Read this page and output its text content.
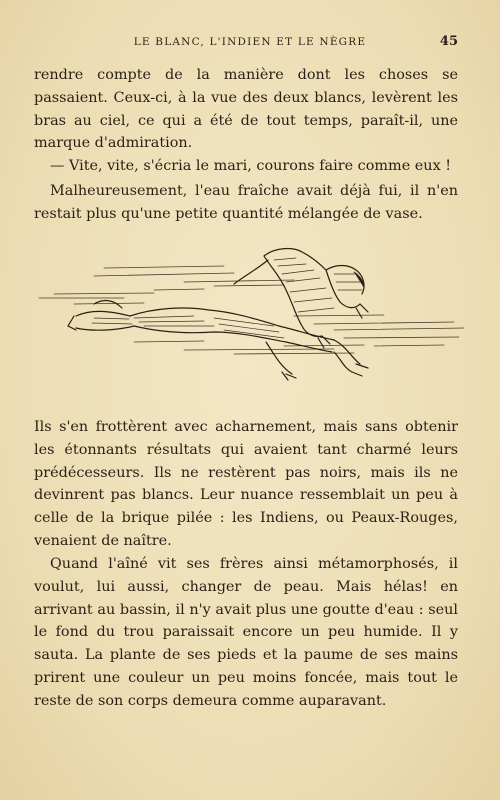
LE BLANC, L'INDIEN ET LE NÈGRE	45

rendre compte de la manière dont les choses se passaient. Ceux-ci, à la vue des deux blancs, levèrent les bras au ciel, ce qui a été de tout temps, paraît-il, une marque d'admiration.

— Vite, vite, s'écria le mari, courons faire comme eux !

Malheureusement, l'eau fraîche avait déjà fui, il n'en restait plus qu'une petite quantité mélangée de vase.

Ils s'en frottèrent avec acharnement, mais sans obtenir les étonnants résultats qui avaient tant charmé leurs prédécesseurs. Ils ne restèrent pas noirs, mais ils ne devinrent pas blancs. Leur nuance ressemblait un peu à celle de la brique pilée : les Indiens, ou Peaux-Rouges, venaient de naître.

Quand l'aîné vit ses frères ainsi métamorphosés, il voulut, lui aussi, changer de peau. Mais hélas! en arrivant au bassin, il n'y avait plus une goutte d'eau : seul le fond du trou paraissait encore un peu humide. Il y sauta. La plante de ses pieds et la paume de ses mains prirent une couleur un peu moins foncée, mais tout le reste de son corps demeura comme auparavant.
